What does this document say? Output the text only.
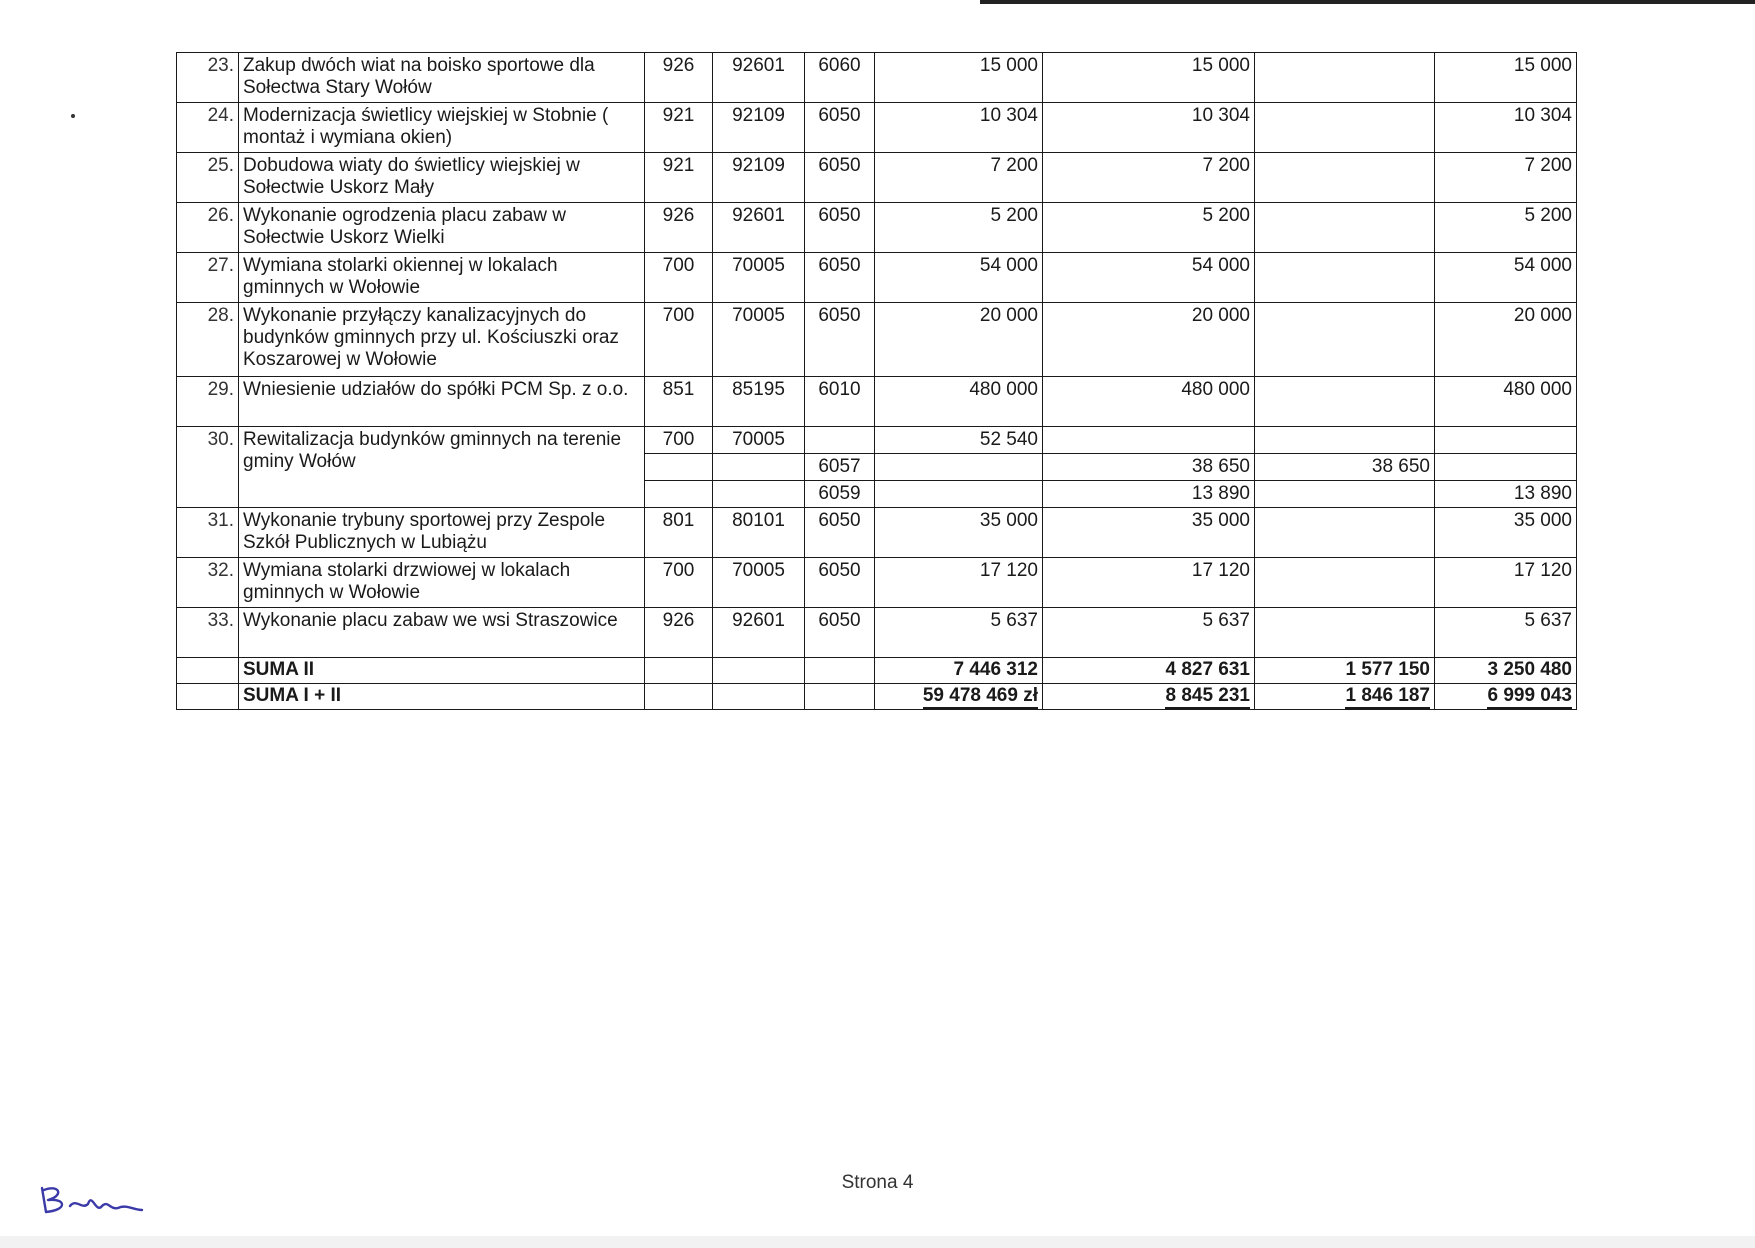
23.	Zakup dwóch wiat na boisko sportowe dla Sołectwa Stary Wołów	926	92601	6060	15 000	15 000		15 000
24.	Modernizacja świetlicy wiejskiej w Stobnie ( montaż i wymiana okien)	921	92109	6050	10 304	10 304		10 304
25.	Dobudowa wiaty do świetlicy wiejskiej w Sołectwie Uskorz Mały	921	92109	6050	7 200	7 200		7 200
26.	Wykonanie ogrodzenia placu zabaw w Sołectwie Uskorz Wielki	926	92601	6050	5 200	5 200		5 200
27.	Wymiana stolarki okiennej w lokalach gminnych w Wołowie	700	70005	6050	54 000	54 000		54 000
28.	Wykonanie przyłączy kanalizacyjnych do budynków gminnych przy ul. Kościuszki oraz Koszarowej w Wołowie	700	70005	6050	20 000	20 000		20 000
29.	Wniesienie udziałów do spółki PCM Sp. z o.o.	851	85195	6010	480 000	480 000		480 000
30.	Rewitalizacja budynków gminnych na terenie gminy Wołów	700	70005		52 540			
				6057		38 650	38 650	
				6059		13 890		13 890
31.	Wykonanie trybuny sportowej przy Zespole Szkół Publicznych w Lubiążu	801	80101	6050	35 000	35 000		35 000
32.	Wymiana stolarki drzwiowej w lokalach gminnych w Wołowie	700	70005	6050	17 120	17 120		17 120
33.	Wykonanie placu zabaw we wsi Straszowice	926	92601	6050	5 637	5 637		5 637
	SUMA II				7 446 312	4 827 631	1 577 150	3 250 480
	SUMA I + II				59 478 469 zł	8 845 231	1 846 187	6 999 043
Strona 4
